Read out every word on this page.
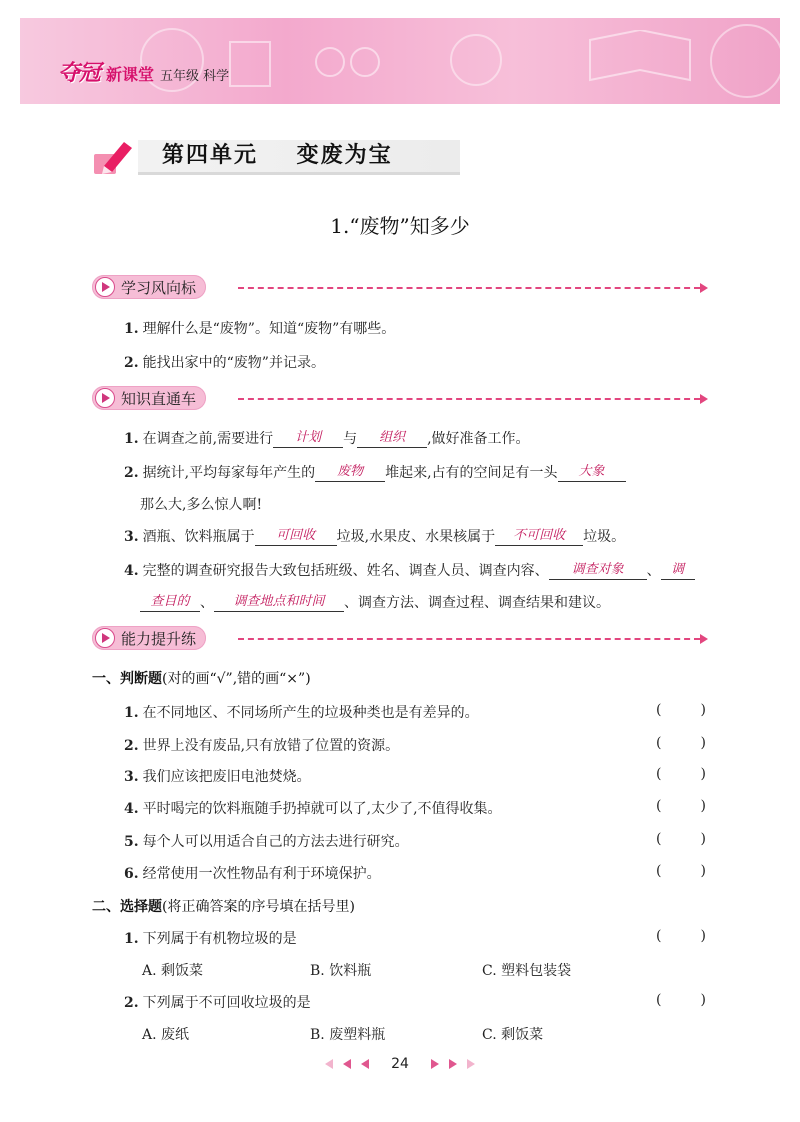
夺冠 新课堂 五年级 科学
第四单元    变废为宝
1.“废物”知多少
学习风向标
1. 理解什么是“废物”。知道“废物”有哪些。
2. 能找出家中的“废物”并记录。
知识直通车
1. 在调查之前,需要进行 计划 与 组织 ,做好准备工作。
2. 据统计,平均每家每年产生的 废物 堆起来,占有的空间足有一头 大象
那么大,多么惊人啊!
3. 酒瓶、饮料瓶属于 可回收 垃圾,水果皮、水果核属于 不可回收 垃圾。
4. 完整的调查研究报告大致包括班级、姓名、调查人员、调查内容、 调查对象 、 调
查目的 、 调查地点和时间 、调查方法、调查过程、调查结果和建议。
能力提升练
一、判断题(对的画“√”,错的画“×”)
1. 在不同地区、不同场所产生的垃圾种类也是有差异的。	(	)
2. 世界上没有废品,只有放错了位置的资源。	(	)
3. 我们应该把废旧电池焚烧。	(	)
4. 平时喝完的饮料瓶随手扔掉就可以了,太少了,不值得收集。	(	)
5. 每个人可以用适合自己的方法去进行研究。	(	)
6. 经常使用一次性物品有利于环境保护。	(	)
二、选择题(将正确答案的序号填在括号里)
1. 下列属于有机物垃圾的是	(	)
A. 剩饭菜	B. 饮料瓶	C. 塑料包装袋
2. 下列属于不可回收垃圾的是	(	)
A. 废纸	B. 废塑料瓶	C. 剩饭菜
24
